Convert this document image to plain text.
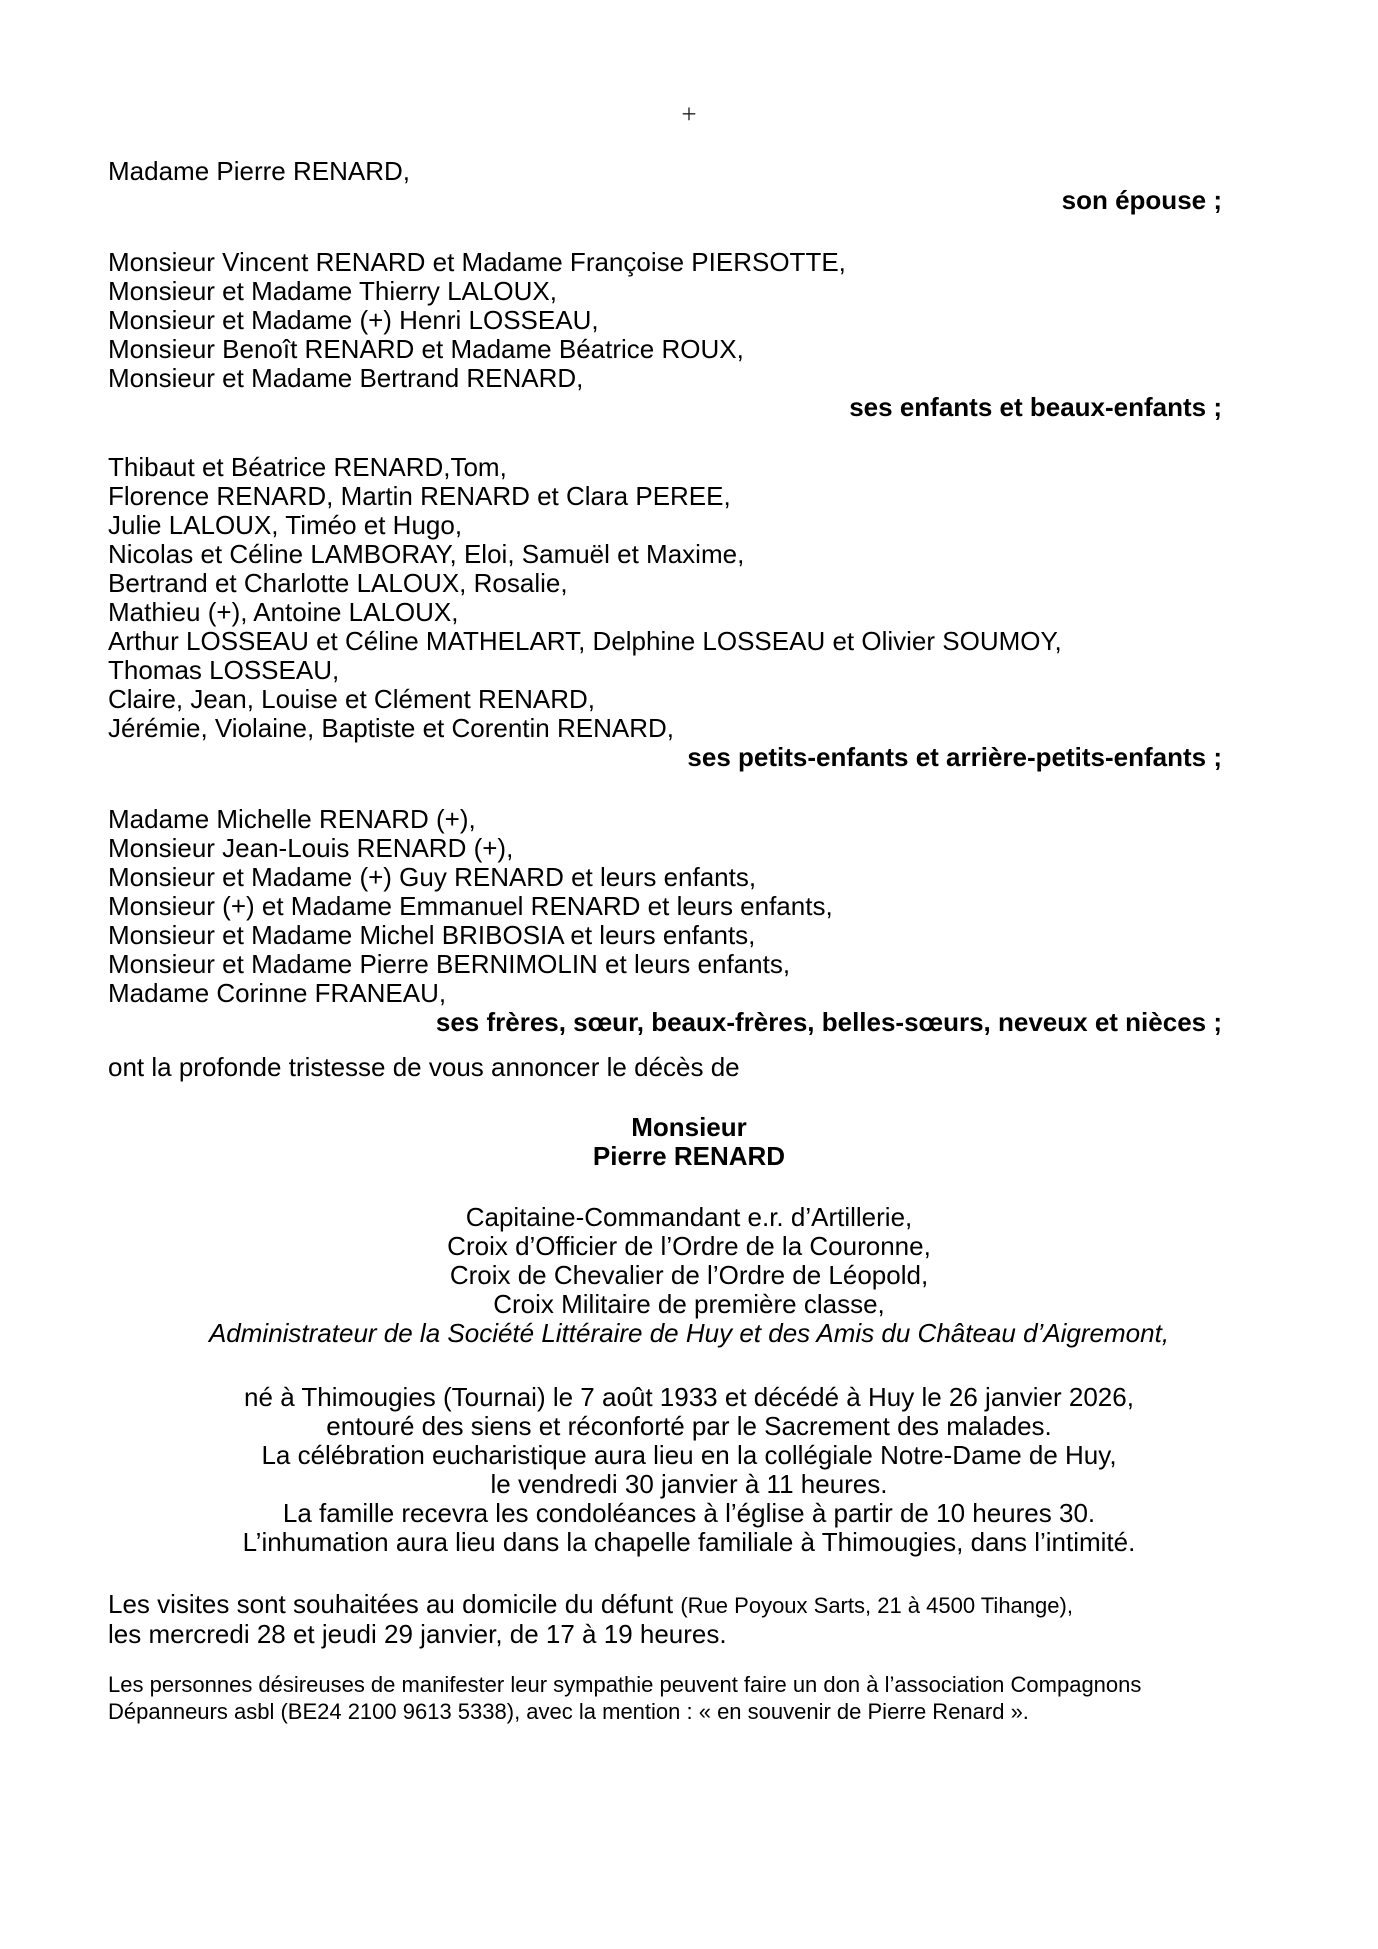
+
Madame Pierre RENARD,
son épouse ;
Monsieur Vincent RENARD et Madame Françoise PIERSOTTE,
Monsieur et Madame Thierry LALOUX,
Monsieur et Madame (+) Henri LOSSEAU,
Monsieur Benoît RENARD et Madame Béatrice ROUX,
Monsieur et Madame Bertrand RENARD,
ses enfants et beaux-enfants ;
Thibaut et Béatrice RENARD,Tom,
Florence RENARD, Martin RENARD et Clara PEREE,
Julie LALOUX, Timéo et Hugo,
Nicolas et Céline LAMBORAY, Eloi, Samuël et Maxime,
Bertrand et Charlotte LALOUX, Rosalie,
Mathieu (+), Antoine LALOUX,
Arthur LOSSEAU et Céline MATHELART, Delphine LOSSEAU et Olivier SOUMOY,
Thomas LOSSEAU,
Claire, Jean, Louise et Clément RENARD,
Jérémie, Violaine, Baptiste et Corentin RENARD,
ses petits-enfants et arrière-petits-enfants ;
Madame Michelle RENARD (+),
Monsieur Jean-Louis RENARD (+),
Monsieur et Madame (+) Guy RENARD et leurs enfants,
Monsieur (+) et Madame Emmanuel RENARD et leurs enfants,
Monsieur et Madame Michel BRIBOSIA et leurs enfants,
Monsieur et Madame Pierre BERNIMOLIN et leurs enfants,
Madame Corinne FRANEAU,
ses frères, sœur, beaux-frères, belles-sœurs, neveux et nièces ;
ont la profonde tristesse de vous annoncer le décès de
Monsieur
Pierre RENARD
Capitaine-Commandant e.r. d’Artillerie,
Croix d’Officier de l’Ordre de la Couronne,
Croix de Chevalier de l’Ordre de Léopold,
Croix Militaire de première classe,
Administrateur de la Société Littéraire de Huy et des Amis du Château d’Aigremont,
né à Thimougies (Tournai) le 7 août 1933 et décédé à Huy le 26 janvier 2026,
entouré des siens et réconforté par le Sacrement des malades.
La célébration eucharistique aura lieu en la collégiale Notre-Dame de Huy,
le vendredi 30 janvier à 11 heures.
La famille recevra les condoléances à l’église à partir de 10 heures 30.
L’inhumation aura lieu dans la chapelle familiale à Thimougies, dans l’intimité.
Les visites sont souhaitées au domicile du défunt (Rue Poyoux Sarts, 21 à 4500 Tihange),
les mercredi 28 et jeudi 29 janvier, de 17 à 19 heures.
Les personnes désireuses de manifester leur sympathie peuvent faire un don à l’association Compagnons
Dépanneurs asbl (BE24 2100 9613 5338), avec la mention : « en souvenir de Pierre Renard ».
